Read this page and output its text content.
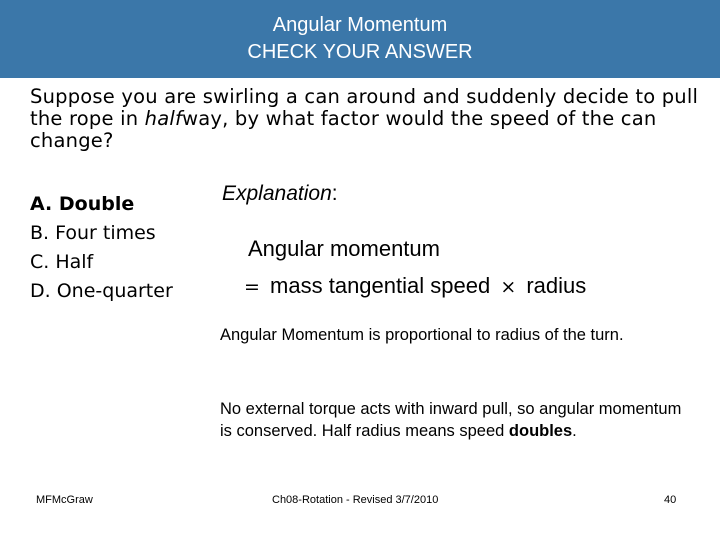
Angular Momentum
CHECK YOUR ANSWER
Suppose you are swirling a can around and suddenly decide to pull the rope in halfway, by what factor would the speed of the can change?
A. Double
B. Four times
C. Half
D. One-quarter
Explanation:
Angular momentum
= mass tangential speed × radius
Angular Momentum is proportional to radius of the turn.
No external torque acts with inward pull, so angular momentum is conserved. Half radius means speed doubles.
MFMcGraw	Ch08-Rotation - Revised 3/7/2010	40
